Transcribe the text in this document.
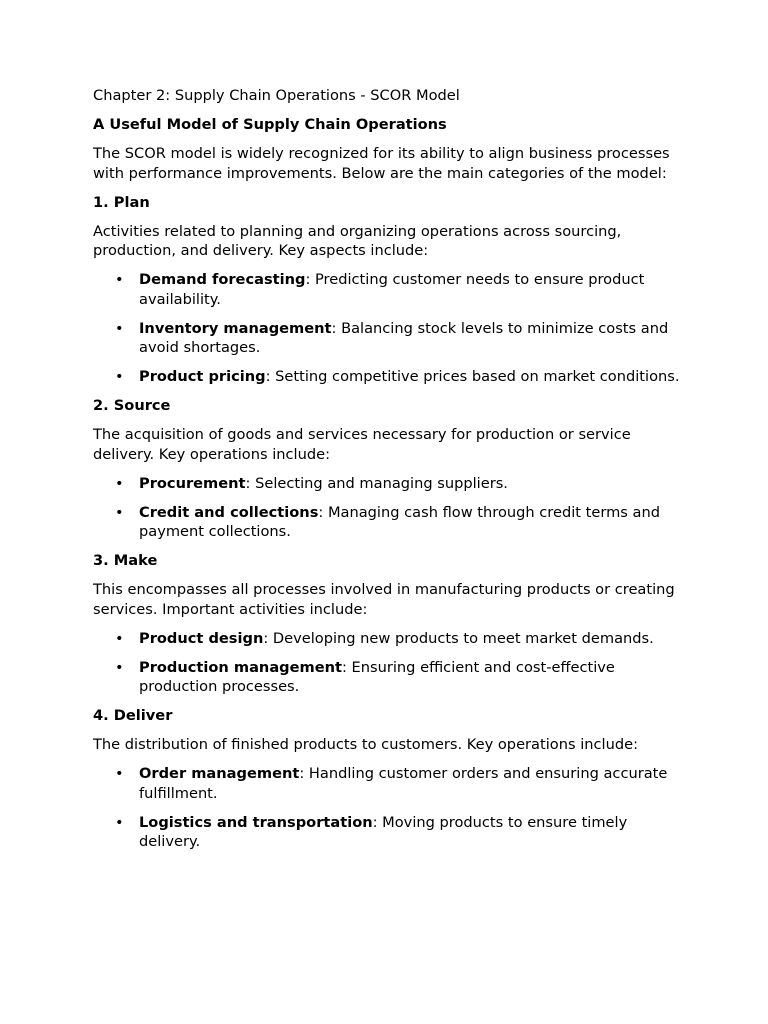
Chapter 2: Supply Chain Operations - SCOR Model

A Useful Model of Supply Chain Operations

The SCOR model is widely recognized for its ability to align business processes with performance improvements. Below are the main categories of the model:

1. Plan

Activities related to planning and organizing operations across sourcing, production, and delivery. Key aspects include:

• Demand forecasting: Predicting customer needs to ensure product availability.
• Inventory management: Balancing stock levels to minimize costs and avoid shortages.
• Product pricing: Setting competitive prices based on market conditions.

2. Source

The acquisition of goods and services necessary for production or service delivery. Key operations include:

• Procurement: Selecting and managing suppliers.
• Credit and collections: Managing cash flow through credit terms and payment collections.

3. Make

This encompasses all processes involved in manufacturing products or creating services. Important activities include:

• Product design: Developing new products to meet market demands.
• Production management: Ensuring efficient and cost-effective production processes.

4. Deliver

The distribution of finished products to customers. Key operations include:

• Order management: Handling customer orders and ensuring accurate fulfillment.
• Logistics and transportation: Moving products to ensure timely delivery.
